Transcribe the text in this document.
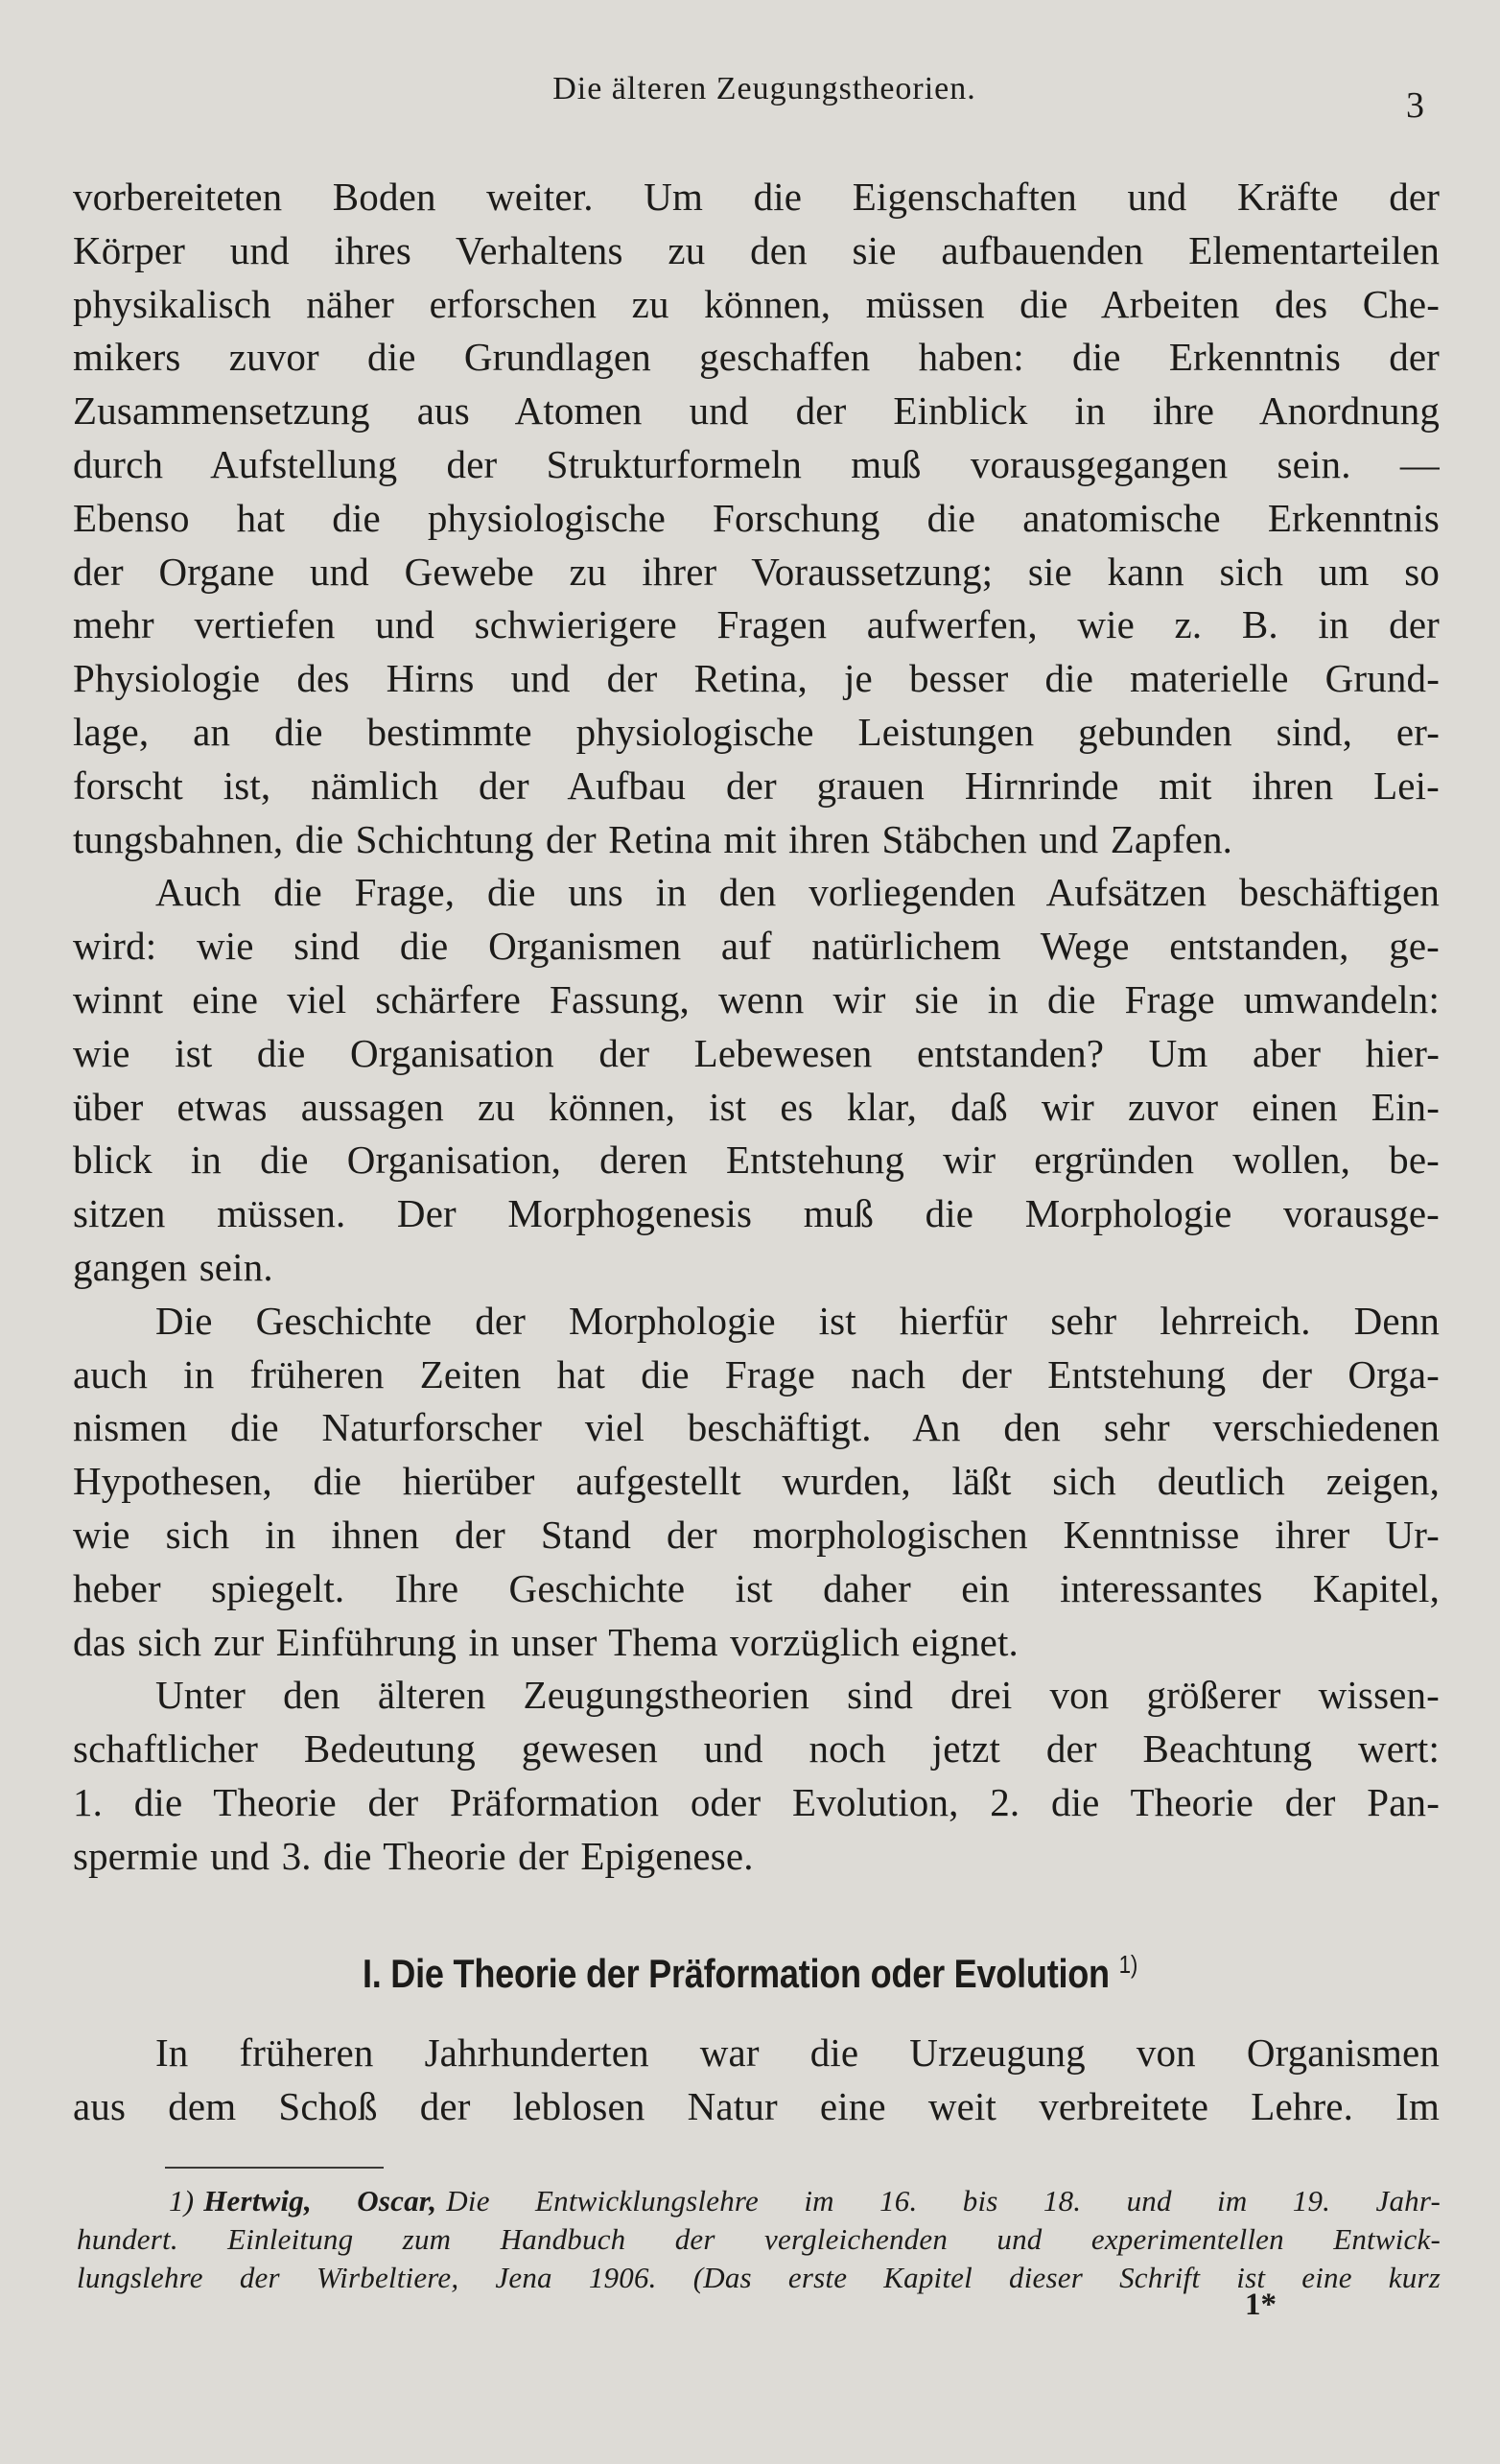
Die älteren Zeugungstheorien.	3
vorbereiteten Boden weiter. Um die Eigenschaften und Kräfte der
Körper und ihres Verhaltens zu den sie aufbauenden Elementarteilen
physikalisch näher erforschen zu können, müssen die Arbeiten des Che-
mikers zuvor die Grundlagen geschaffen haben: die Erkenntnis der
Zusammensetzung aus Atomen und der Einblick in ihre Anordnung
durch Aufstellung der Strukturformeln muß vorausgegangen sein. —
Ebenso hat die physiologische Forschung die anatomische Erkenntnis
der Organe und Gewebe zu ihrer Voraussetzung; sie kann sich um so
mehr vertiefen und schwierigere Fragen aufwerfen, wie z. B. in der
Physiologie des Hirns und der Retina, je besser die materielle Grund-
lage, an die bestimmte physiologische Leistungen gebunden sind, er-
forscht ist, nämlich der Aufbau der grauen Hirnrinde mit ihren Lei-
tungsbahnen, die Schichtung der Retina mit ihren Stäbchen und Zapfen.
Auch die Frage, die uns in den vorliegenden Aufsätzen beschäftigen
wird: wie sind die Organismen auf natürlichem Wege entstanden, ge-
winnt eine viel schärfere Fassung, wenn wir sie in die Frage umwandeln:
wie ist die Organisation der Lebewesen entstanden? Um aber hier-
über etwas aussagen zu können, ist es klar, daß wir zuvor einen Ein-
blick in die Organisation, deren Entstehung wir ergründen wollen, be-
sitzen müssen. Der Morphogenesis muß die Morphologie vorausge-
gangen sein.
Die Geschichte der Morphologie ist hierfür sehr lehrreich. Denn
auch in früheren Zeiten hat die Frage nach der Entstehung der Orga-
nismen die Naturforscher viel beschäftigt. An den sehr verschiedenen
Hypothesen, die hierüber aufgestellt wurden, läßt sich deutlich zeigen,
wie sich in ihnen der Stand der morphologischen Kenntnisse ihrer Ur-
heber spiegelt. Ihre Geschichte ist daher ein interessantes Kapitel,
das sich zur Einführung in unser Thema vorzüglich eignet.
Unter den älteren Zeugungstheorien sind drei von größerer wissen-
schaftlicher Bedeutung gewesen und noch jetzt der Beachtung wert:
1. die Theorie der Präformation oder Evolution, 2. die Theorie der Pan-
spermie und 3. die Theorie der Epigenese.
I. Die Theorie der Präformation oder Evolution $^{1)}$
In früheren Jahrhunderten war die Urzeugung von Organismen
aus dem Schoß der leblosen Natur eine weit verbreitete Lehre. Im
1) Hertwig, Oscar, Die Entwicklungslehre im 16. bis 18. und im 19. Jahr-
hundert. Einleitung zum Handbuch der vergleichenden und experimentellen Entwick-
lungslehre der Wirbeltiere, Jena 1906. (Das erste Kapitel dieser Schrift ist eine kurz
1*
